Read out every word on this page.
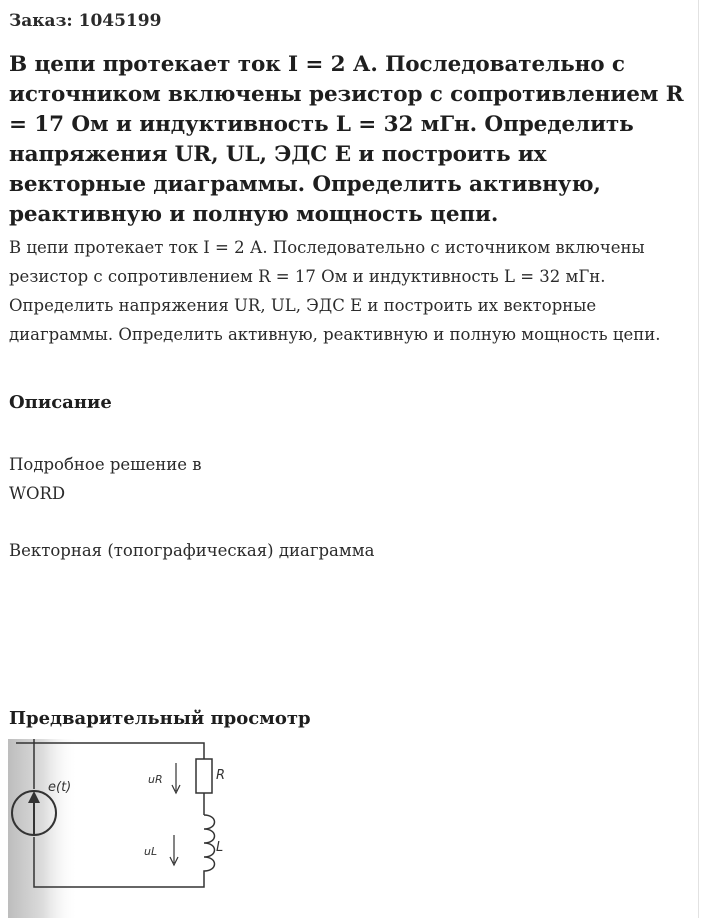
Заказ: 1045199
В цепи протекает ток I = 2 А. Последовательно с источником включены резистор с сопротивлением R = 17 Ом и индуктивность L = 32 мГн. Определить напряжения UR, UL, ЭДС E и построить их векторные диаграммы. Определить активную, реактивную и полную мощность цепи.
В цепи протекает ток I = 2 А. Последовательно с источником включены резистор с сопротивлением R = 17 Ом и индуктивность L = 32 мГн. Определить напряжения UR, UL, ЭДС E и построить их векторные диаграммы. Определить активную, реактивную и полную мощность цепи.
Описание
Подробное решение в
WORD
Векторная (топографическая) диаграмма
Предварительный просмотр
e(t)
R
uR
L
uL
